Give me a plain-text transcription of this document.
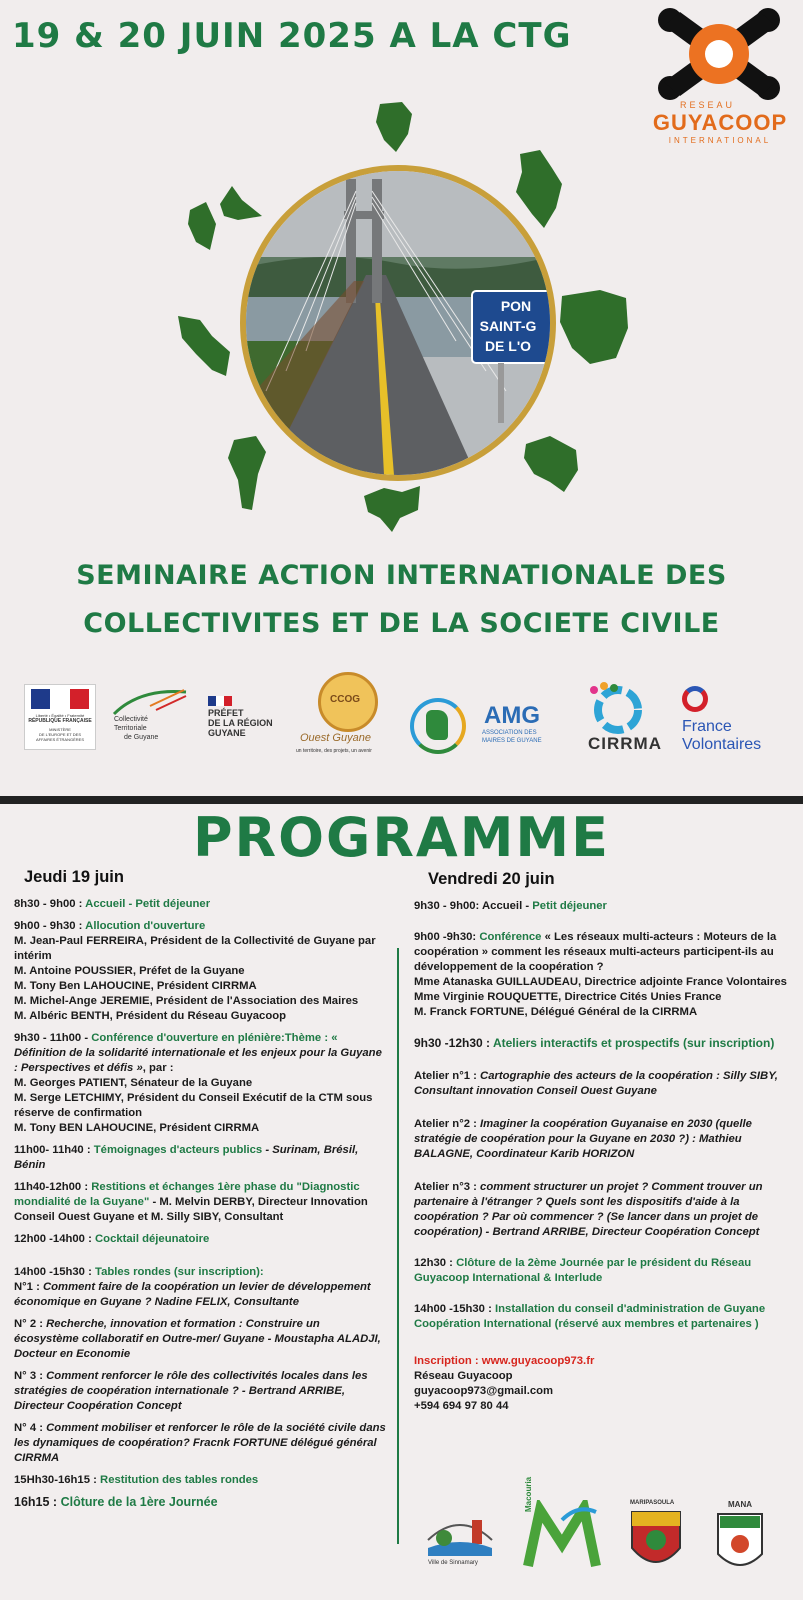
19 & 20 JUIN 2025 A LA CTG
RESEAU
GUYACOOP
INTERNATIONAL
PON
SAINT-G
DE L'O
SEMINAIRE ACTION INTERNATIONALE DES
COLLECTIVITES ET DE LA SOCIETE CIVILE
Liberté • Égalité • Fraternité
RÉPUBLIQUE FRANÇAISE
MINISTÈRE
DE L'EUROPE ET DES
AFFAIRES ÉTRANGÈRES
Collectivité
Territoriale
de Guyane
PRÉFET
DE LA RÉGION
GUYANE
CCOG
Ouest Guyane
un territoire, des projets, un avenir
AMG
ASSOCIATION DES
MAIRES DE GUYANE	CIRRMA
France
Volontaires
PROGRAMME
Jeudi 19 juin
8h30 - 9h00 : Accueil - Petit déjeuner
9h00 - 9h30 : Allocution d'ouverture
M. Jean-Paul FERREIRA, Président de la Collectivité de Guyane par intérim
M. Antoine POUSSIER, Préfet de la Guyane
M. Tony Ben LAHOUCINE, Président CIRRMA
M. Michel-Ange JEREMIE, Président de l'Association des Maires
M. Albéric BENTH, Président du Réseau Guyacoop
9h30 - 11h00 - Conférence d'ouverture en plénière:Thème : « Définition de la solidarité internationale et les enjeux pour la Guyane : Perspectives et défis », par :
M. Georges PATIENT, Sénateur de la Guyane
M. Serge LETCHIMY, Président du Conseil Exécutif de la CTM sous réserve de confirmation
M. Tony BEN LAHOUCINE, Président CIRRMA
11h00- 11h40 : Témoignages d'acteurs publics - Surinam, Brésil, Bénin
11h40-12h00 : Restitions et échanges 1ère phase du "Diagnostic mondialité de la Guyane" - M. Melvin DERBY, Directeur Innovation Conseil Ouest Guyane et M. Silly SIBY, Consultant
12h00 -14h00 : Cocktail déjeunatoire
14h00 -15h30 : Tables rondes (sur inscription):
N°1 : Comment faire de la coopération un levier de développement économique en Guyane ? Nadine FELIX, Consultante
N° 2 : Recherche, innovation et formation : Construire un écosystème collaboratif en Outre-mer/ Guyane - Moustapha ALADJI, Docteur en Economie
N° 3 : Comment renforcer le rôle des collectivités locales dans les stratégies de coopération internationale ? - Bertrand ARRIBE, Directeur Coopération Concept
N° 4 : Comment mobiliser et renforcer le rôle de la société civile dans les dynamiques de coopération? Fracnk FORTUNE délégué général CIRRMA
15Hh30-16h15 : Restitution des tables rondes
16h15 : Clôture de la 1ère Journée
Vendredi 20 juin
9h30 - 9h00: Accueil - Petit déjeuner
9h00 -9h30: Conférence « Les réseaux multi-acteurs : Moteurs de la coopération » comment les réseaux multi-acteurs participent-ils au développement de la coopération ?
Mme Atanaska GUILLAUDEAU, Directrice adjointe France Volontaires
Mme Virginie ROUQUETTE, Directrice Cités Unies France
M. Franck FORTUNE, Délégué Général de la CIRRMA
9h30 -12h30 : Ateliers interactifs et prospectifs (sur inscription)
Atelier n°1 : Cartographie des acteurs de la coopération : Silly SIBY, Consultant innovation Conseil Ouest Guyane
Atelier n°2 : Imaginer la coopération Guyanaise en 2030 (quelle stratégie de coopération pour la Guyane en 2030 ?) : Mathieu BALAGNE, Coordinateur Karib HORIZON
Atelier n°3 : comment structurer un projet ? Comment trouver un partenaire à l'étranger ? Quels sont les dispositifs d'aide à la coopération ? Par où commencer ? (Se lancer dans un projet de coopération) - Bertrand ARRIBE, Directeur Coopération Concept
12h30 : Clôture de la 2ème Journée par le président du Réseau Guyacoop International & Interlude
14h00 -15h30 : Installation du conseil d'administration de Guyane Coopération International (réservé aux membres et partenaires )
Inscription : www.guyacoop973.fr
Réseau Guyacoop
guyacoop973@gmail.com
+594 694 97 80 44
Ville de Sinnamary
Macouria	MARIPASOULA	MANA
